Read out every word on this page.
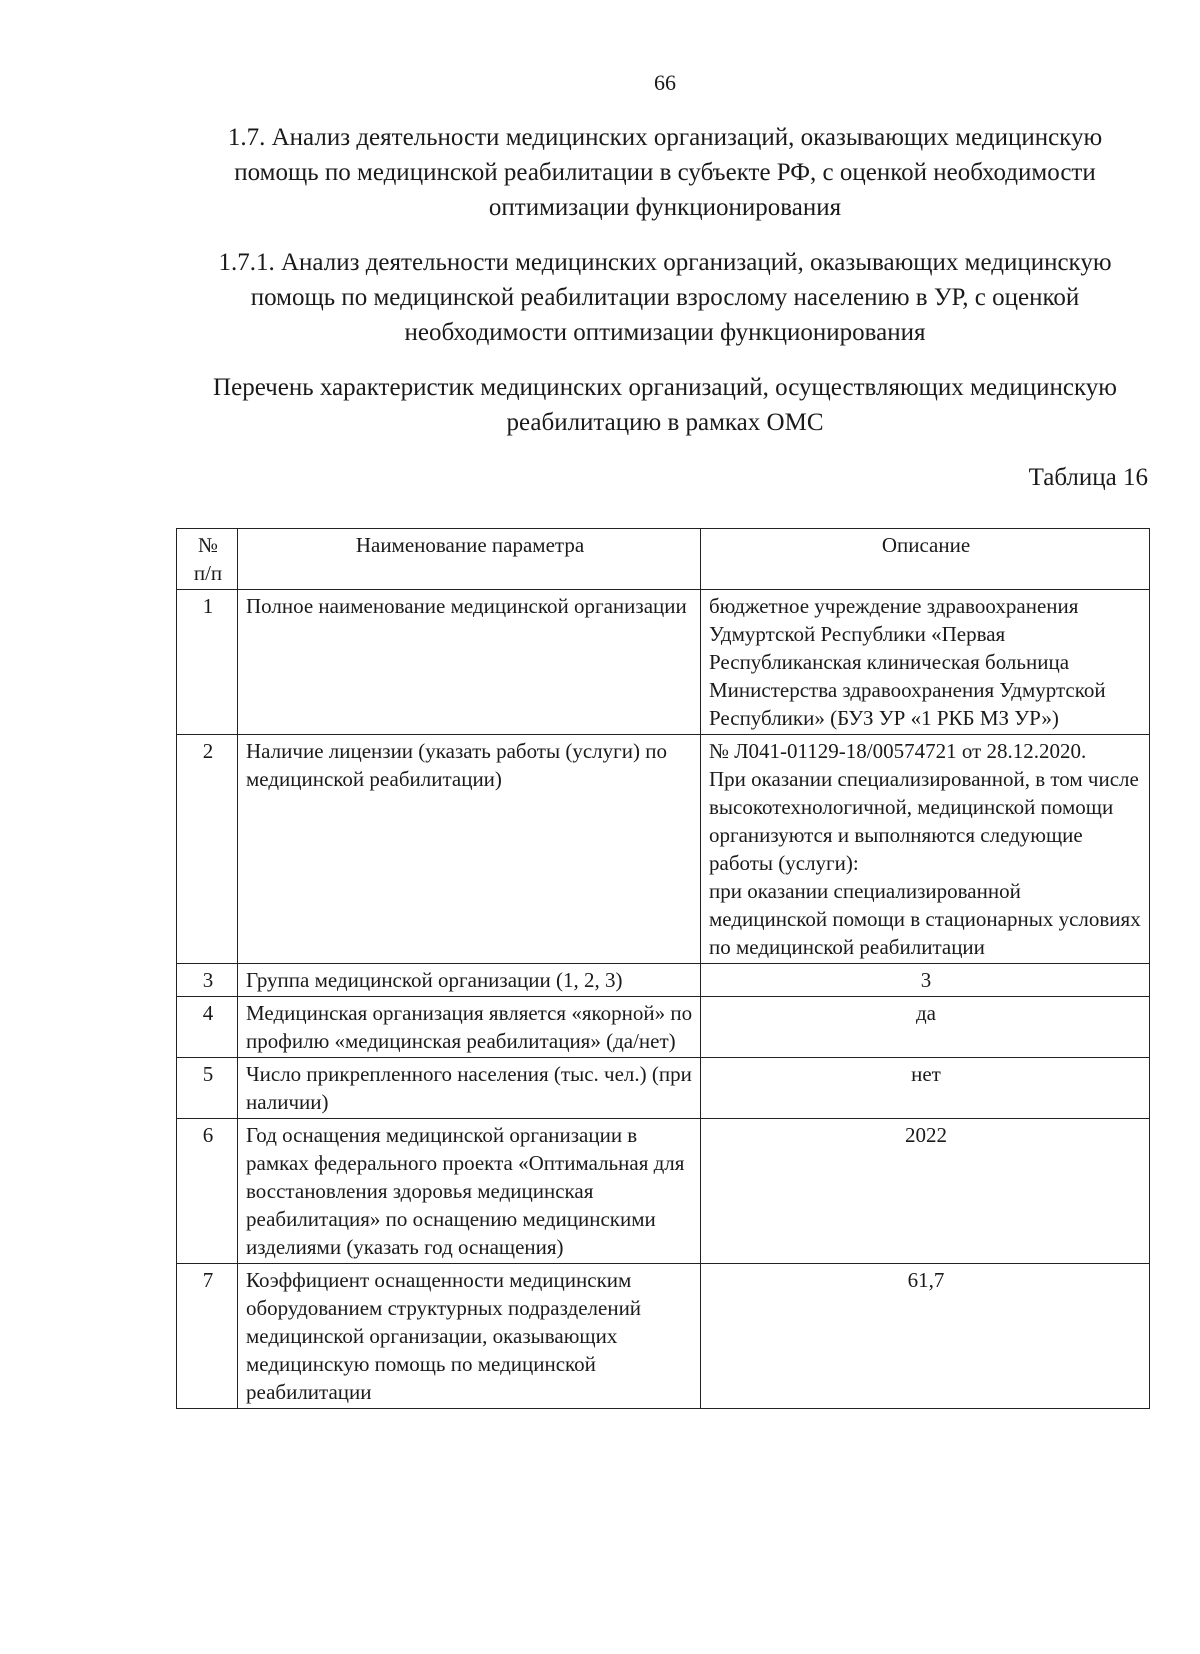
66
1.7. Анализ деятельности медицинских организаций, оказывающих медицинскую помощь по медицинской реабилитации в субъекте РФ, с оценкой необходимости оптимизации функционирования
1.7.1. Анализ деятельности медицинских организаций, оказывающих медицинскую помощь по медицинской реабилитации взрослому населению в УР, с оценкой необходимости оптимизации функционирования
Перечень характеристик медицинских организаций, осуществляющих медицинскую реабилитацию в рамках ОМС
Таблица 16
№
п/п	Наименование параметра	Описание
1	Полное наименование медицинской организации	бюджетное учреждение здравоохранения Удмуртской Республики «Первая Республиканская клиническая больница Министерства здравоохранения Удмуртской Республики» (БУЗ УР «1 РКБ МЗ УР»)
2	Наличие лицензии (указать работы (услуги) по медицинской реабилитации)	№ Л041-01129-18/00574721 от 28.12.2020.
При оказании специализированной, в том числе высокотехнологичной, медицинской помощи организуются и выполняются следующие работы (услуги):
при оказании специализированной медицинской помощи в стационарных условиях по медицинской реабилитации

3	Группа медицинской организации (1, 2, 3)	3
4	Медицинская организация является «якорной» по профилю «медицинская реабилитация» (да/нет)	да
5	Число прикрепленного населения (тыс. чел.) (при наличии)	нет
6	Год оснащения медицинской организации в рамках федерального проекта «Оптимальная для восстановления здоровья медицинская реабилитация» по оснащению медицинскими изделиями (указать год оснащения)	2022
7	Коэффициент оснащенности медицинским оборудованием структурных подразделений медицинской организации, оказывающих медицинскую помощь по медицинской реабилитации	61,7
